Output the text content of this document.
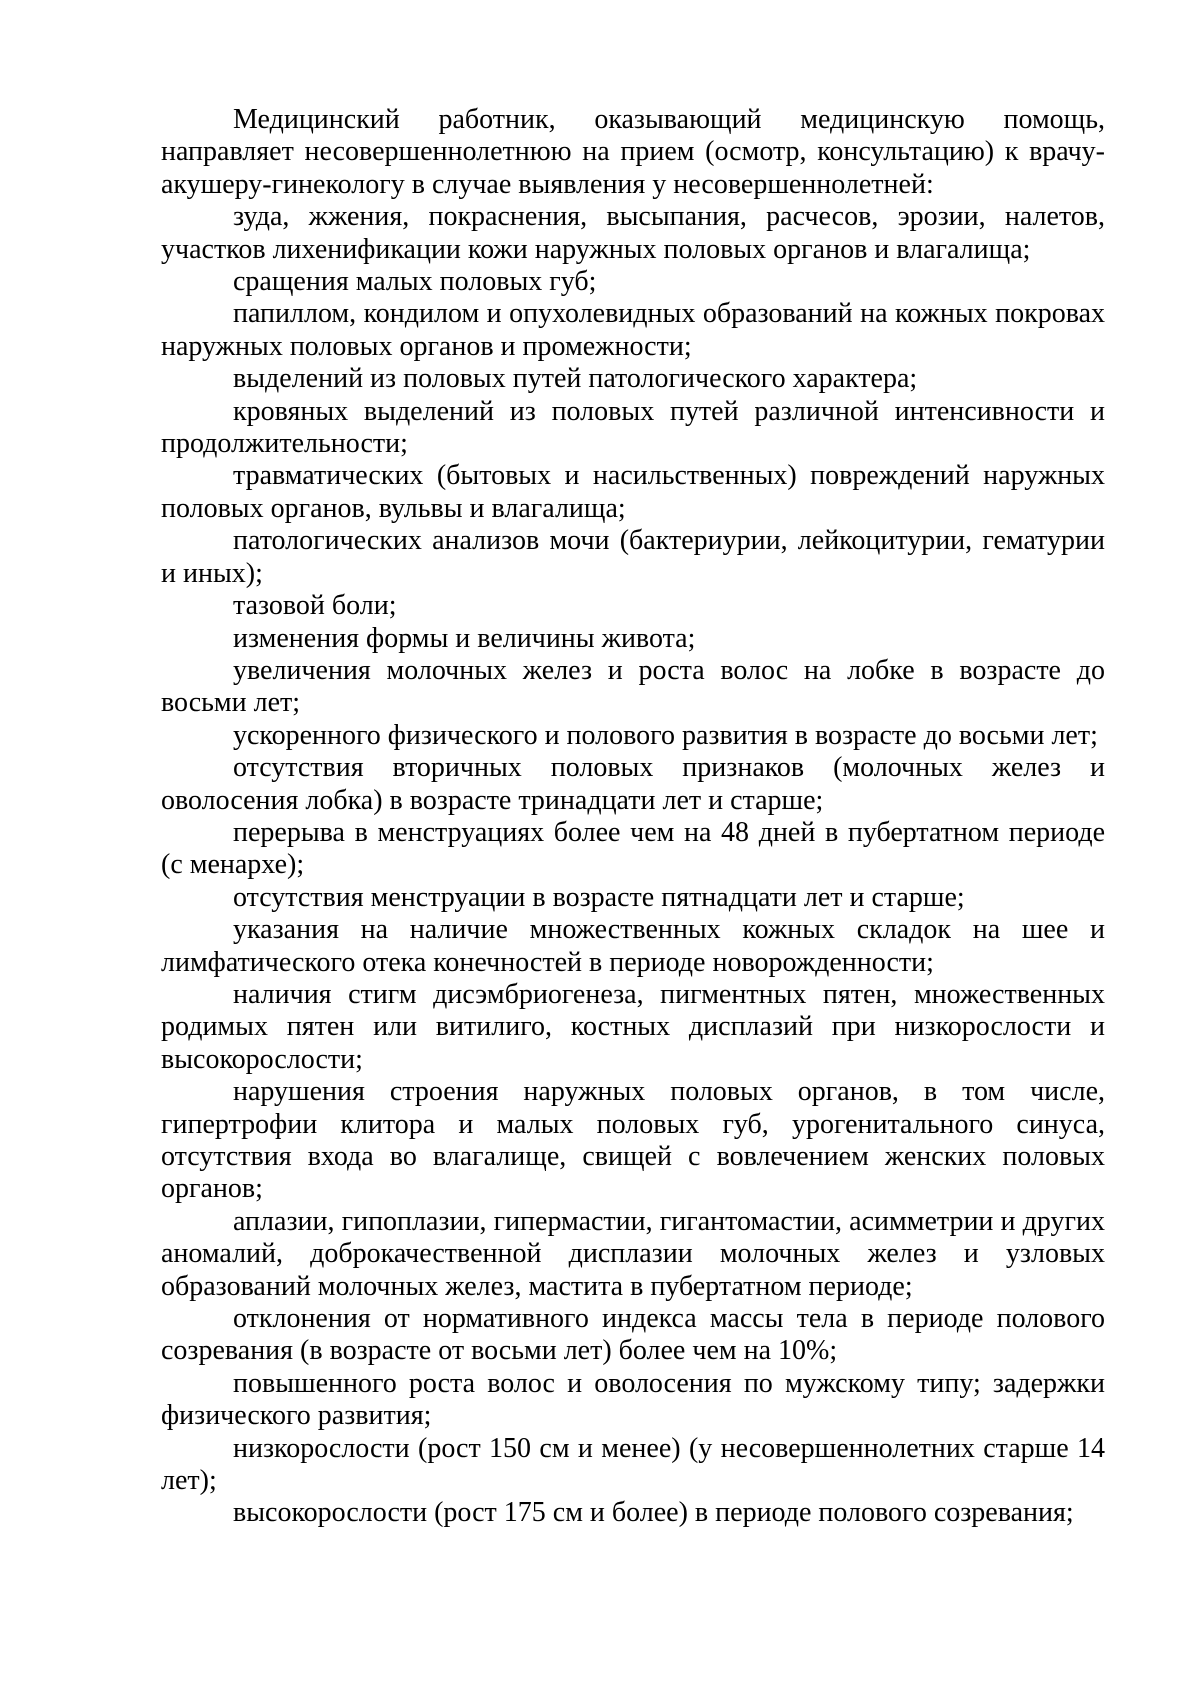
Медицинский работник, оказывающий медицинскую помощь, направляет несовершеннолетнюю на прием (осмотр, консультацию) к врачу-акушеру-гинекологу в случае выявления у несовершеннолетней:

зуда, жжения, покраснения, высыпания, расчесов, эрозии, налетов, участков лихенификации кожи наружных половых органов и влагалища;

сращения малых половых губ;

папиллом, кондилом и опухолевидных образований на кожных покровах наружных половых органов и промежности;

выделений из половых путей патологического характера;

кровяных выделений из половых путей различной интенсивности и продолжительности;

травматических (бытовых и насильственных) повреждений наружных половых органов, вульвы и влагалища;

патологических анализов мочи (бактериурии, лейкоцитурии, гематурии и иных);

тазовой боли;

изменения формы и величины живота;

увеличения молочных желез и роста волос на лобке в возрасте до восьми лет;

ускоренного физического и полового развития в возрасте до восьми лет;

отсутствия вторичных половых признаков (молочных желез и оволосения лобка) в возрасте тринадцати лет и старше;

перерыва в менструациях более чем на 48 дней в пубертатном периоде (с менархе);

отсутствия менструации в возрасте пятнадцати лет и старше;

указания на наличие множественных кожных складок на шее и лимфатического отека конечностей в периоде новорожденности;

наличия стигм дисэмбриогенеза, пигментных пятен, множественных родимых пятен или витилиго, костных дисплазий при низкорослости и высокорослости;

нарушения строения наружных половых органов, в том числе, гипертрофии клитора и малых половых губ, урогенитального синуса, отсутствия входа во влагалище, свищей с вовлечением женских половых органов;

аплазии, гипоплазии, гипермастии, гигантомастии, асимметрии и других аномалий, доброкачественной дисплазии молочных желез и узловых образований молочных желез, мастита в пубертатном периоде;

отклонения от нормативного индекса массы тела в периоде полового созревания (в возрасте от восьми лет) более чем на 10%;

повышенного роста волос и оволосения по мужскому типу; задержки физического развития;

низкорослости (рост 150 см и менее) (у несовершеннолетних старше 14 лет);

высокорослости (рост 175 см и более) в периоде полового созревания;
